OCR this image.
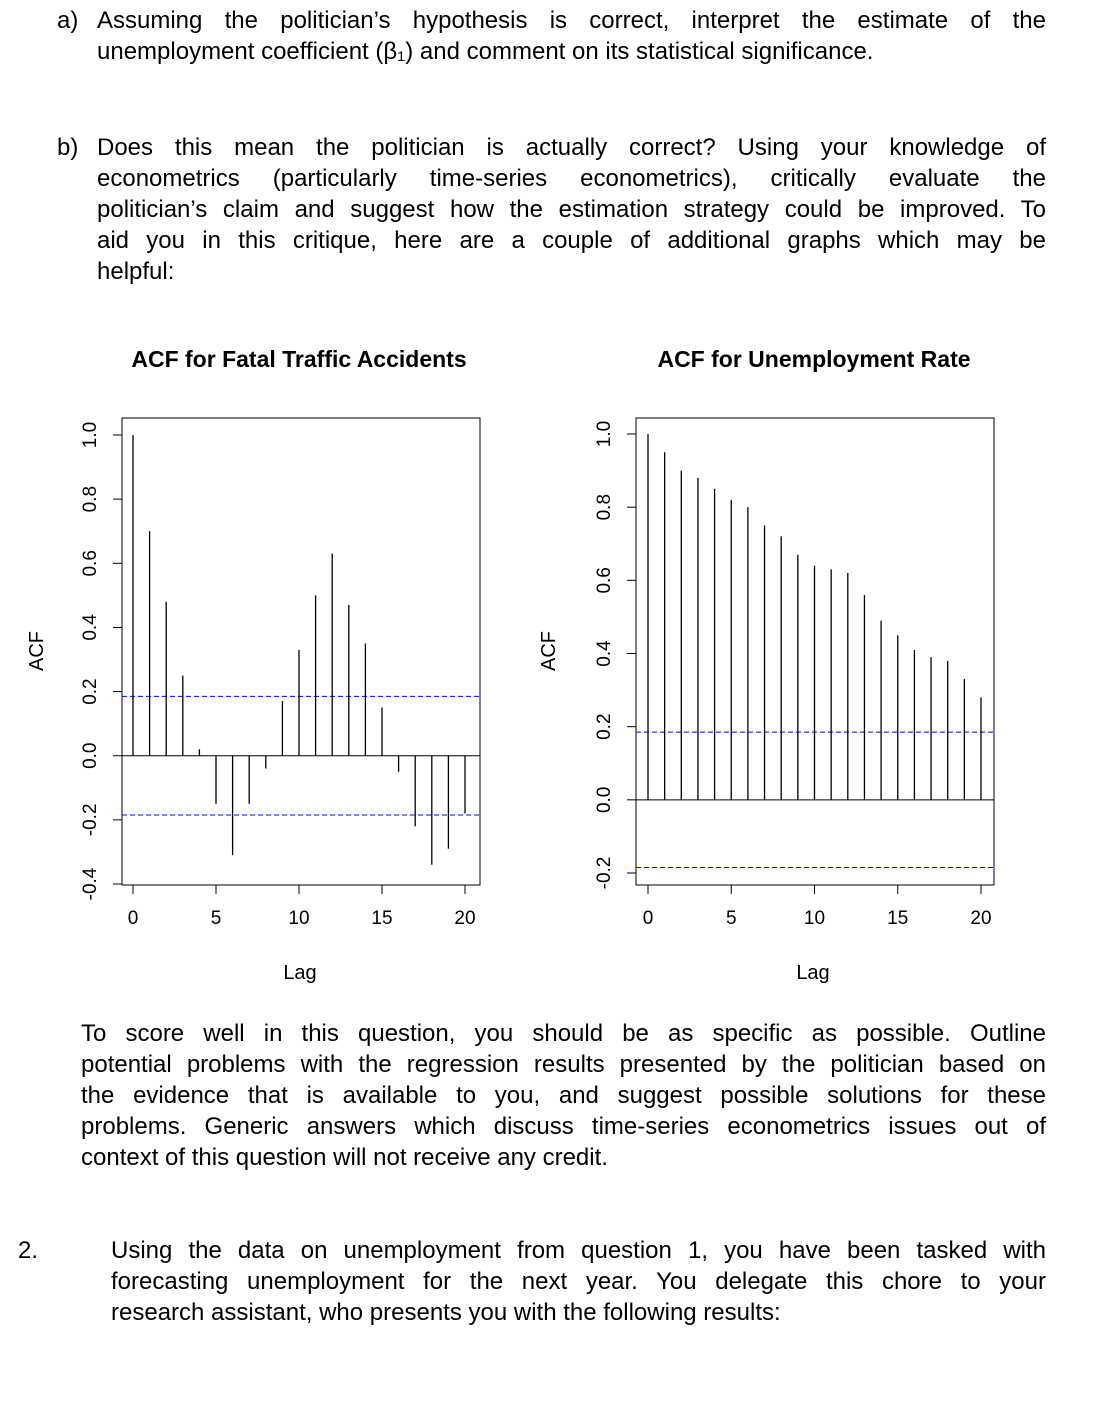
a) Assuming the politician’s hypothesis is correct, interpret the estimate of the
unemployment coefficient (β₁) and comment on its statistical significance.
b) Does this mean the politician is actually correct? Using your knowledge of
econometrics (particularly time-series econometrics), critically evaluate the
politician’s claim and suggest how the estimation strategy could be improved. To
aid you in this critique, here are a couple of additional graphs which may be
helpful:
ACF for Fatal Traffic Accidents
-0.4
-0.2
0.0
0.2
0.4
0.6
0.8
1.0
0	5	10	15	20
Lag
ACF
ACF for Unemployment Rate
-0.2
0.0
0.2
0.4
0.6
0.8
1.0
0	5	10	15	20
Lag
ACF
To score well in this question, you should be as specific as possible. Outline
potential problems with the regression results presented by the politician based on
the evidence that is available to you, and suggest possible solutions for these
problems. Generic answers which discuss time-series econometrics issues out of
context of this question will not receive any credit.
2.	Using the data on unemployment from question 1, you have been tasked with
forecasting unemployment for the next year. You delegate this chore to your
research assistant, who presents you with the following results:
